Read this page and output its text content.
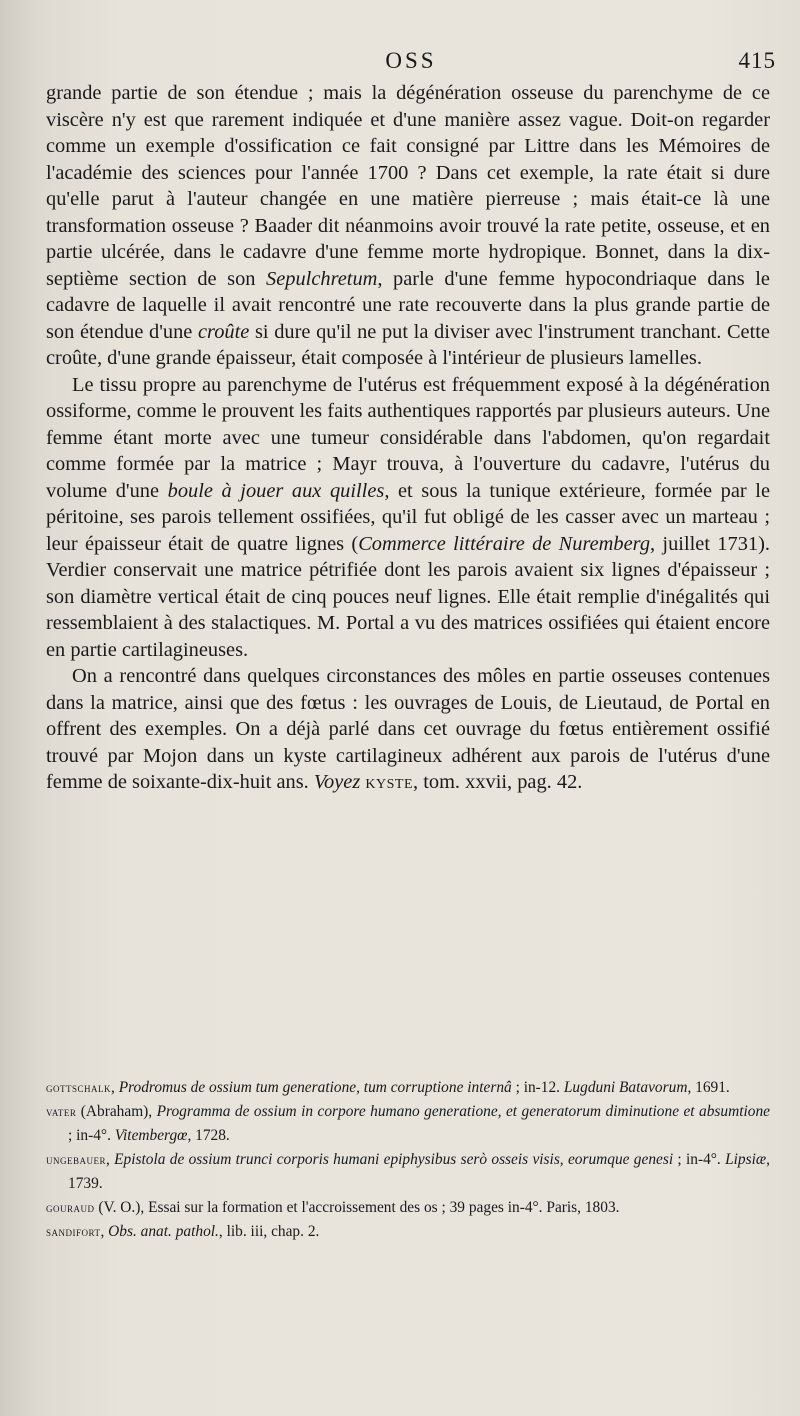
OSS	415

grande partie de son étendue ; mais la dégénération osseuse du parenchyme de ce viscère n'y est que rarement indiquée et d'une manière assez vague. Doit-on regarder comme un exemple d'ossification ce fait consigné par Littre dans les Mémoires de l'académie des sciences pour l'année 1700 ? Dans cet exemple, la rate était si dure qu'elle parut à l'auteur changée en une matière pierreuse ; mais était-ce là une transformation osseuse ? Baader dit néanmoins avoir trouvé la rate petite, osseuse, et en partie ulcérée, dans le cadavre d'une femme morte hydropique. Bonnet, dans la dix-septième section de son Sepulchretum, parle d'une femme hypocondriaque dans le cadavre de laquelle il avait rencontré une rate recouverte dans la plus grande partie de son étendue d'une croûte si dure qu'il ne put la diviser avec l'instrument tranchant. Cette croûte, d'une grande épaisseur, était composée à l'intérieur de plusieurs lamelles.

Le tissu propre au parenchyme de l'utérus est fréquemment exposé à la dégénération ossiforme, comme le prouvent les faits authentiques rapportés par plusieurs auteurs. Une femme étant morte avec une tumeur considérable dans l'abdomen, qu'on regardait comme formée par la matrice ; Mayr trouva, à l'ouverture du cadavre, l'utérus du volume d'une boule à jouer aux quilles, et sous la tunique extérieure, formée par le péritoine, ses parois tellement ossifiées, qu'il fut obligé de les casser avec un marteau ; leur épaisseur était de quatre lignes (Commerce littéraire de Nuremberg, juillet 1731). Verdier conservait une matrice pétrifiée dont les parois avaient six lignes d'épaisseur ; son diamètre vertical était de cinq pouces neuf lignes. Elle était remplie d'inégalités qui ressemblaient à des stalactiques. M. Portal a vu des matrices ossifiées qui étaient encore en partie cartilagineuses.

On a rencontré dans quelques circonstances des môles en partie osseuses contenues dans la matrice, ainsi que des fœtus : les ouvrages de Louis, de Lieutaud, de Portal en offrent des exemples. On a déjà parlé dans cet ouvrage du fœtus entièrement ossifié trouvé par Mojon dans un kyste cartilagineux adhérent aux parois de l'utérus d'une femme de soixante-dix-huit ans. Voyez kyste, tom. xxvii, pag. 42.

gottschalk, Prodromus de ossium tum generatione, tum corruptione internâ ; in-12. Lugduni Batavorum, 1691.
vater (Abraham), Programma de ossium in corpore humano generatione, et generatorum diminutione et absumtione ; in-4°. Vitembergœ, 1728.
ungebauer, Epistola de ossium trunci corporis humani epiphysibus serò osseis visis, eorumque genesi ; in-4°. Lipsiæ, 1739.
gouraud (V. O.), Essai sur la formation et l'accroissement des os ; 39 pages in-4°. Paris, 1803.
sandifort, Obs. anat. pathol., lib. iii, chap. 2.
